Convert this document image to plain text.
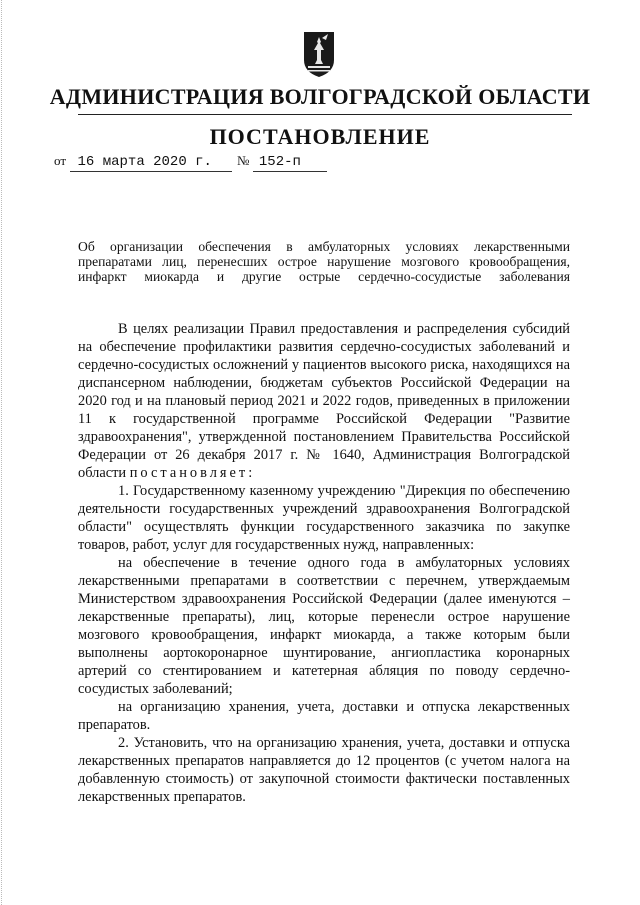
АДМИНИСТРАЦИЯ ВОЛГОГРАДСКОЙ ОБЛАСТИ
ПОСТАНОВЛЕНИЕ
от 16 марта 2020 г.	№ 152-п
Об организации обеспечения в амбулаторных условиях лекарственными
препаратами лиц, перенесших острое нарушение мозгового кровообращения,
инфаркт миокарда и другие острые сердечно-сосудистые заболевания

В целях реализации Правил предоставления и распределения субсидий на обеспечение профилактики развития сердечно-сосудистых заболеваний и сердечно-сосудистых осложнений у пациентов высокого риска, находящихся на диспансерном наблюдении, бюджетам субъектов Российской Федерации на 2020 год и на плановый период 2021 и 2022 годов, приведенных в приложении 11 к государственной программе Российской Федерации "Развитие здравоохранения", утвержденной постановлением Правительства Российской Федерации от 26 декабря 2017 г. № 1640, Администрация Волгоградской области постановляет:

1. Государственному казенному учреждению "Дирекция по обеспечению деятельности государственных учреждений здравоохранения Волгоградской области" осуществлять функции государственного заказчика по закупке товаров, работ, услуг для государственных нужд, направленных:

на обеспечение в течение одного года в амбулаторных условиях лекарственными препаратами в соответствии с перечнем, утверждаемым Министерством здравоохранения Российской Федерации (далее именуются – лекарственные препараты), лиц, которые перенесли острое нарушение мозгового кровообращения, инфаркт миокарда, а также которым были выполнены аортокоронарное шунтирование, ангиопластика коронарных артерий со стентированием и катетерная абляция по поводу сердечно-сосудистых заболеваний;

на организацию хранения, учета, доставки и отпуска лекарственных препаратов.

2. Установить, что на организацию хранения, учета, доставки и отпуска лекарственных препаратов направляется до 12 процентов (с учетом налога на добавленную стоимость) от закупочной стоимости фактически поставленных лекарственных препаратов.
